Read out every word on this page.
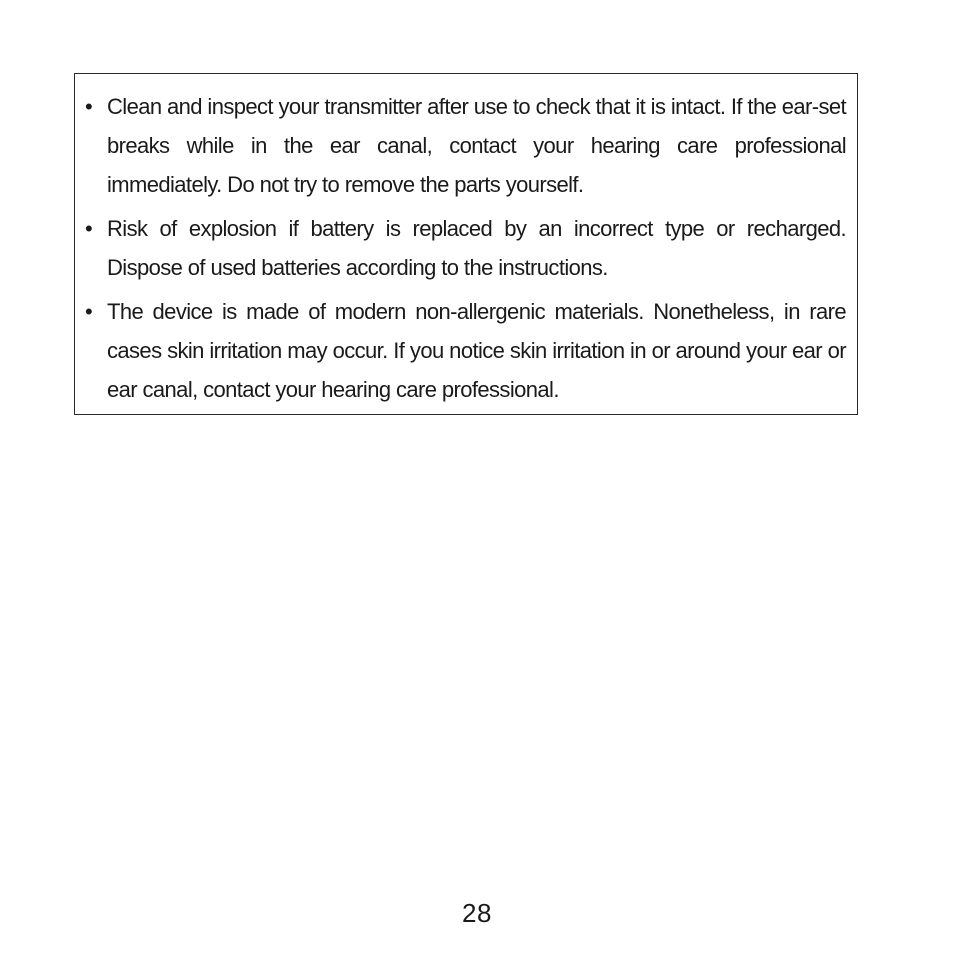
• Clean and inspect your transmitter after use to check that it is intact. If the ear-set breaks while in the ear canal, contact your hearing care professional immediately. Do not try to remove the parts yourself.
• Risk of explosion if battery is replaced by an incorrect type or recharged. Dispose of used batteries according to the instructions.
• The device is made of modern non-allergenic materials. Nonetheless, in rare cases skin irritation may occur. If you notice skin irritation in or around your ear or ear canal, contact your hearing care professional.
28
